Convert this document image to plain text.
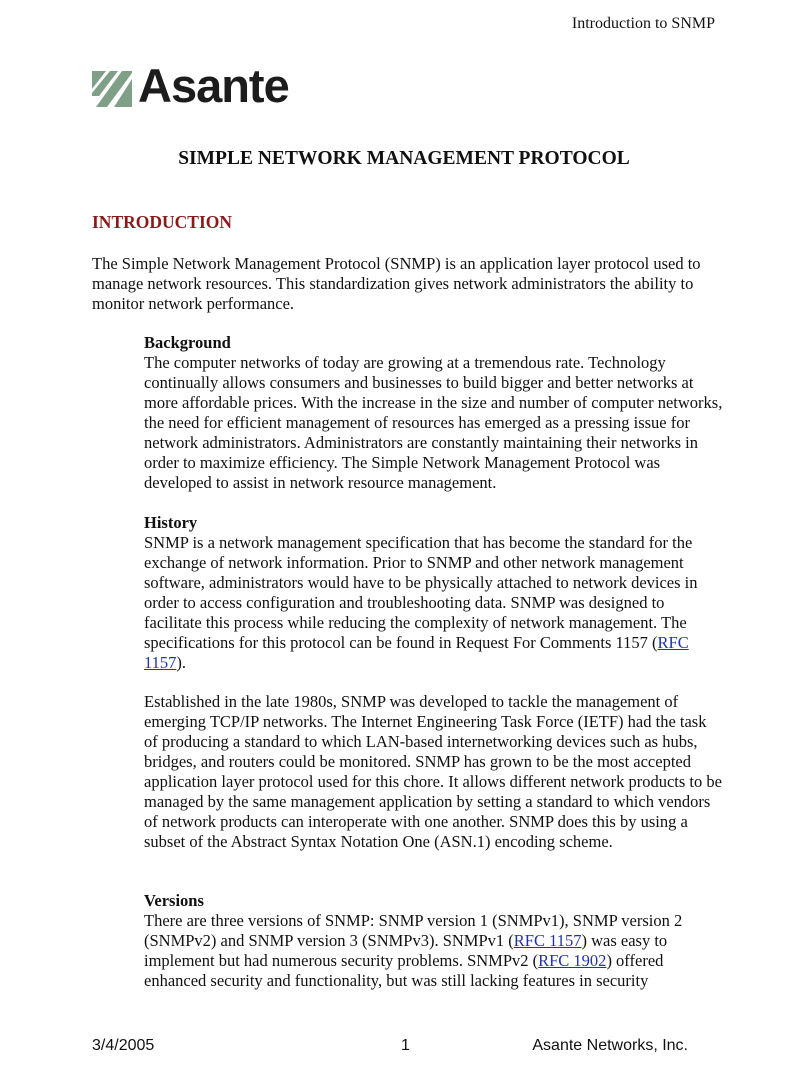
Introduction to SNMP
Asante
SIMPLE NETWORK MANAGEMENT PROTOCOL
INTRODUCTION

The Simple Network Management Protocol (SNMP) is an application layer protocol used to manage network resources. This standardization gives network administrators the ability to monitor network performance.

Background
The computer networks of today are growing at a tremendous rate. Technology continually allows consumers and businesses to build bigger and better networks at more affordable prices. With the increase in the size and number of computer networks, the need for efficient management of resources has emerged as a pressing issue for network administrators. Administrators are constantly maintaining their networks in order to maximize efficiency. The Simple Network Management Protocol was developed to assist in network resource management.
History
SNMP is a network management specification that has become the standard for the exchange of network information. Prior to SNMP and other network management software, administrators would have to be physically attached to network devices in order to access configuration and troubleshooting data. SNMP was designed to facilitate this process while reducing the complexity of network management. The specifications for this protocol can be found in Request For Comments 1157 (RFC 1157).

Established in the late 1980s, SNMP was developed to tackle the management of emerging TCP/IP networks. The Internet Engineering Task Force (IETF) had the task of producing a standard to which LAN-based internetworking devices such as hubs, bridges, and routers could be monitored. SNMP has grown to be the most accepted application layer protocol used for this chore. It allows different network products to be managed by the same management application by setting a standard to which vendors of network products can interoperate with one another. SNMP does this by using a subset of the Abstract Syntax Notation One (ASN.1) encoding scheme.

Versions
There are three versions of SNMP: SNMP version 1 (SNMPv1), SNMP version 2 (SNMPv2) and SNMP version 3 (SNMPv3). SNMPv1 (RFC 1157) was easy to implement but had numerous security problems. SNMPv2 (RFC 1902) offered enhanced security and functionality, but was still lacking features in security
3/4/2005	1	Asante Networks, Inc.
